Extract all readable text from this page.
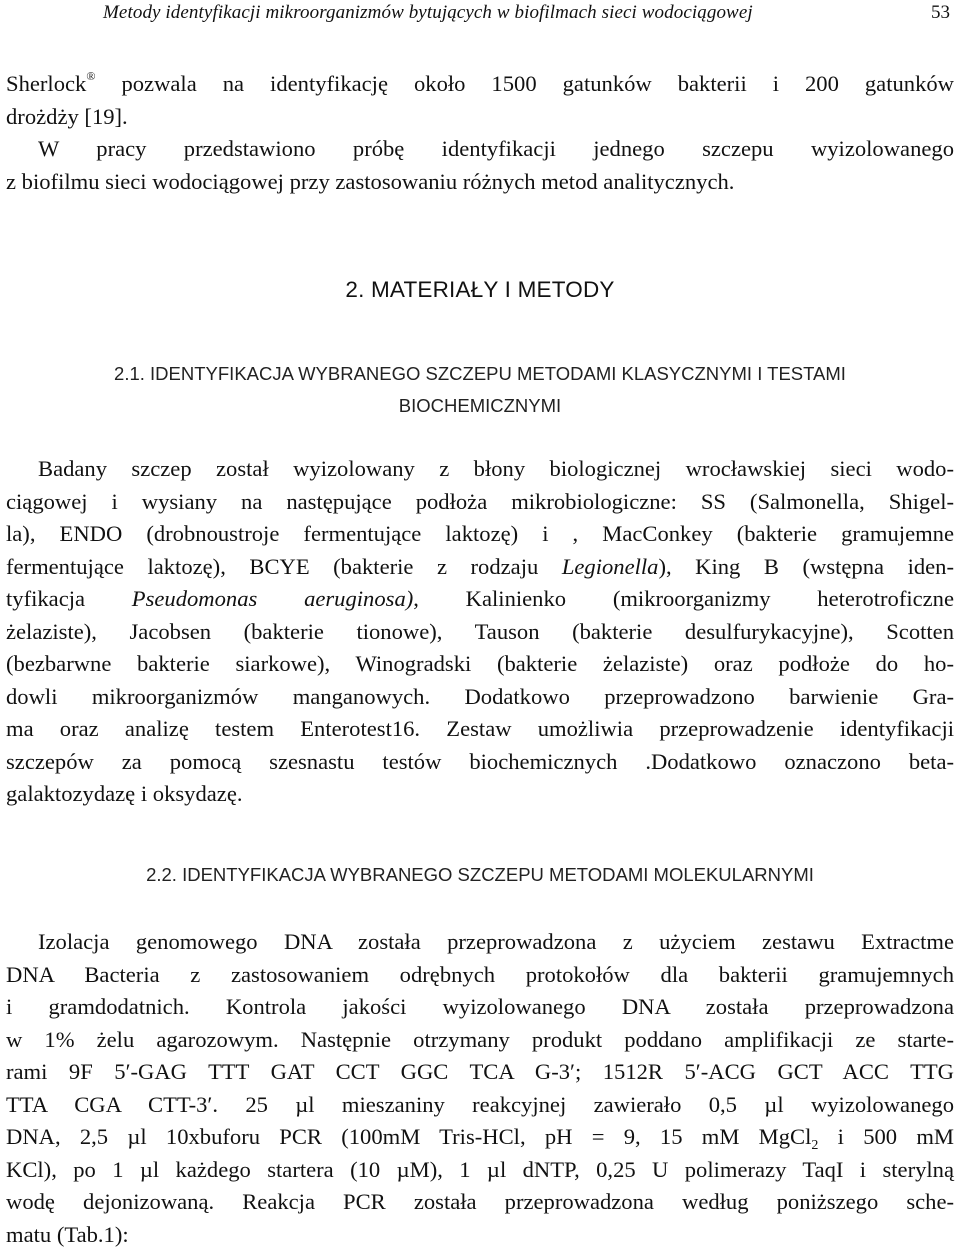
Metody identyfikacji mikroorganizmów bytujących w biofilmach sieci wodociągowej	53
Sherlock® pozwala na identyfikację około 1500 gatunków bakterii i 200 gatunków
drożdży [19].
W pracy przedstawiono próbę identyfikacji jednego szczepu wyizolowanego
z biofilmu sieci wodociągowej przy zastosowaniu różnych metod analitycznych.
2. MATERIAŁY I METODY
2.1. IDENTYFIKACJA WYBRANEGO SZCZEPU METODAMI KLASYCZNYMI I TESTAMI
BIOCHEMICZNYMI
Badany szczep został wyizolowany z błony biologicznej wrocławskiej sieci wodo-
ciągowej i wysiany na następujące podłoża mikrobiologiczne: SS (Salmonella, Shigel-
la), ENDO (drobnoustroje fermentujące laktozę) i , MacConkey (bakterie gramujemne
fermentujące laktozę), BCYE (bakterie z rodzaju Legionella), King B (wstępna iden-
tyfikacja Pseudomonas aeruginosa), Kalinienko (mikroorganizmy heterotroficzne
żelaziste), Jacobsen (bakterie tionowe), Tauson (bakterie desulfurykacyjne), Scotten
(bezbarwne bakterie siarkowe), Winogradski (bakterie żelaziste) oraz podłoże do ho-
dowli mikroorganizmów manganowych. Dodatkowo przeprowadzono barwienie Gra-
ma oraz analizę testem Enterotest16. Zestaw umożliwia przeprowadzenie identyfikacji
szczepów za pomocą szesnastu testów biochemicznych .Dodatkowo oznaczono beta-
galaktozydazę i oksydazę.
2.2. IDENTYFIKACJA WYBRANEGO SZCZEPU METODAMI MOLEKULARNYMI
Izolacja genomowego DNA została przeprowadzona z użyciem zestawu Extractme
DNA Bacteria z zastosowaniem odrębnych protokołów dla bakterii gramujemnych
i gramdodatnich. Kontrola jakości wyizolowanego DNA została przeprowadzona
w 1% żelu agarozowym. Następnie otrzymany produkt poddano amplifikacji ze starte-
rami 9F 5′-GAG TTT GAT CCT GGC TCA G-3′; 1512R 5′-ACG GCT ACC TTG
TTA CGA CTT-3′. 25 µl mieszaniny reakcyjnej zawierało 0,5 µl wyizolowanego
DNA, 2,5 µl 10xbuforu PCR (100mM Tris-HCl, pH = 9, 15 mM MgCl$_2$ i 500 mM
KCl), po 1 µl każdego startera (10 µM), 1 µl dNTP, 0,25 U polimerazy TaqI i sterylną
wodę dejonizowaną. Reakcja PCR została przeprowadzona według poniższego sche-
matu (Tab.1):
